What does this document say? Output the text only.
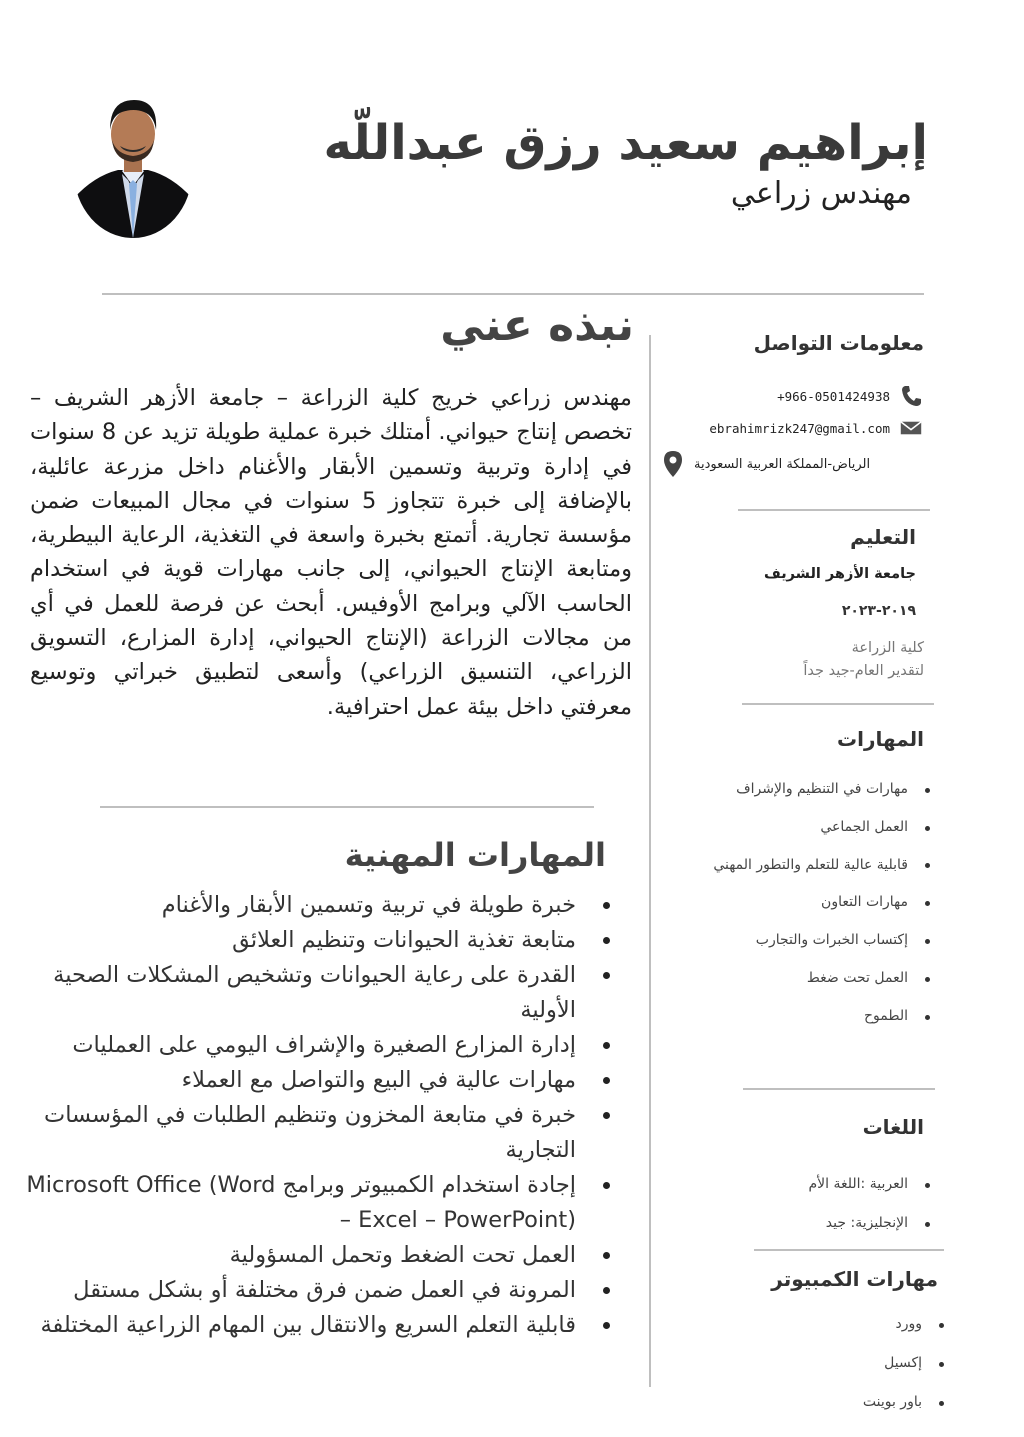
إبراهيم سعيد رزق عبداللّه
مهندس زراعي
نبذه عني
مهندس زراعي خريج كلية الزراعة – جامعة الأزهر الشريف – تخصص إنتاج حيواني. أمتلك خبرة عملية طويلة تزيد عن 8 سنوات في إدارة وتربية وتسمين الأبقار والأغنام داخل مزرعة عائلية، بالإضافة إلى خبرة تتجاوز 5 سنوات في مجال المبيعات ضمن مؤسسة تجارية. أتمتع بخبرة واسعة في التغذية، الرعاية البيطرية، ومتابعة الإنتاج الحيواني، إلى جانب مهارات قوية في استخدام الحاسب الآلي وبرامج الأوفيس. أبحث عن فرصة للعمل في أي من مجالات الزراعة (الإنتاج الحيواني، إدارة المزارع، التسويق الزراعي، التنسيق الزراعي) وأسعى لتطبيق خبراتي وتوسيع معرفتي داخل بيئة عمل احترافية.
المهارات المهنية
خبرة طويلة في تربية وتسمين الأبقار والأغنام
متابعة تغذية الحيوانات وتنظيم العلائق
القدرة على رعاية الحيوانات وتشخيص المشكلات الصحية الأولية
إدارة المزارع الصغيرة والإشراف اليومي على العمليات
مهارات عالية في البيع والتواصل مع العملاء
خبرة في متابعة المخزون وتنظيم الطلبات في المؤسسات التجارية
إجادة استخدام الكمبيوتر وبرامج Microsoft Office (Word – Excel – PowerPoint)
العمل تحت الضغط وتحمل المسؤولية
المرونة في العمل ضمن فرق مختلفة أو بشكل مستقل
قابلية التعلم السريع والانتقال بين المهام الزراعية المختلفة
معلومات التواصل
+966-0501424938
ebrahimrizk247@gmail.com
الرياض-المملكة العربية السعودية
التعليم
جامعة الأزهر الشريف
٢٠١٩-٢٠٢٣
كلية الزراعة
لتقدير العام-جيد جداً
المهارات
مهارات في التنظيم والإشراف
العمل الجماعي
قابلية عالية للتعلم والتطور المهني
مهارات التعاون
إكتساب الخبرات والتجارب
العمل تحت ضغط
الطموح
اللغات
العربية :اللغة الأم
الإنجليزية: جيد
مهارات الكمبيوتر
وورد
إكسيل
باور بوينت
